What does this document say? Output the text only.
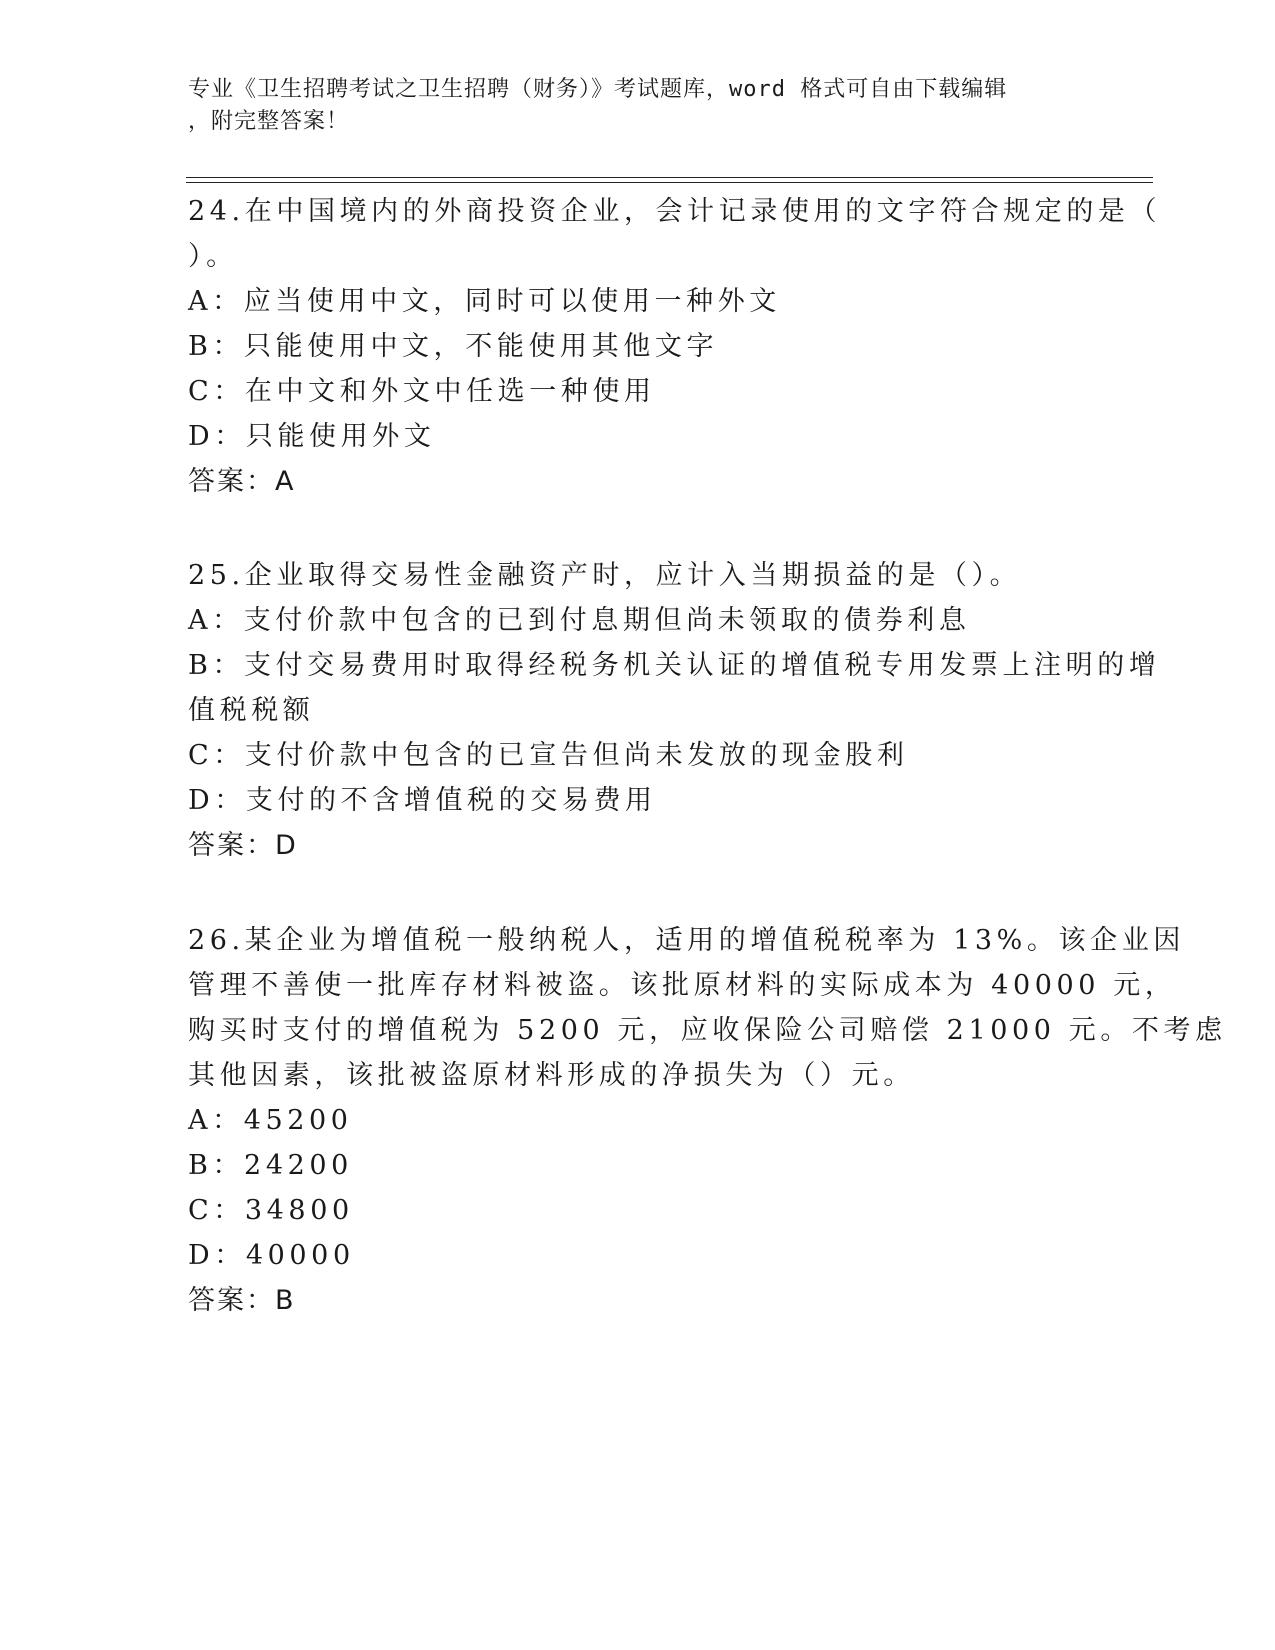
专业《卫生招聘考试之卫生招聘（财务）》考试题库，word 格式可自由下载编辑
，附完整答案！
24.在中国境内的外商投资企业，会计记录使用的文字符合规定的是（
）。
A：应当使用中文，同时可以使用一种外文
B：只能使用中文，不能使用其他文字
C：在中文和外文中任选一种使用
D：只能使用外文
答案：A
25.企业取得交易性金融资产时，应计入当期损益的是（）。
A：支付价款中包含的已到付息期但尚未领取的债券利息
B：支付交易费用时取得经税务机关认证的增值税专用发票上注明的增
值税税额
C：支付价款中包含的已宣告但尚未发放的现金股利
D：支付的不含增值税的交易费用
答案：D
26.某企业为增值税一般纳税人，适用的增值税税率为 13%。该企业因
管理不善使一批库存材料被盗。该批原材料的实际成本为 40000 元，
购买时支付的增值税为 5200 元，应收保险公司赔偿 21000 元。不考虑
其他因素，该批被盗原材料形成的净损失为（）元。
A：45200
B：24200
C：34800
D：40000
答案：B
